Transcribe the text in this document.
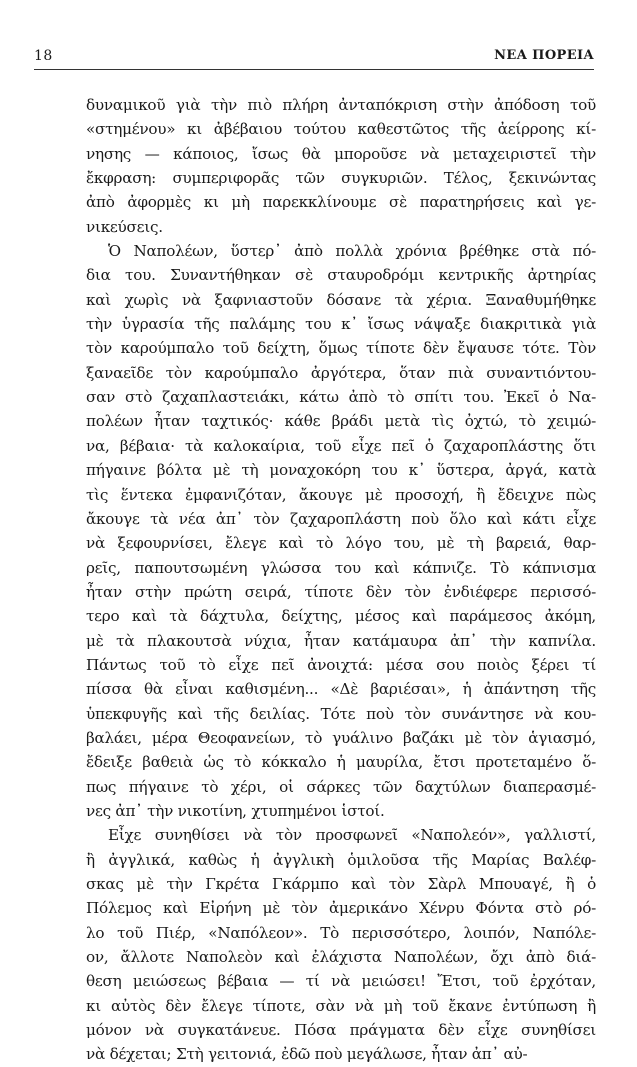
18	ΝΕΑ ΠΟΡΕΙΑ
δυναμικοῦ γιὰ τὴν πιὸ πλήρη ἀνταπόκριση στὴν ἀπόδοση τοῦ
«στημένου» κι ἀβέβαιου τούτου καθεστῶτος τῆς ἀείρροης κί-
νησης — κάποιος, ἴσως θὰ μποροῦσε νὰ μεταχειριστεῖ τὴν
ἔκφραση: συμπεριφορᾶς τῶν συγκυριῶν. Τέλος, ξεκινώντας
ἀπὸ ἀφορμὲς κι μὴ παρεκκλίνουμε σὲ παρατηρήσεις καὶ γε-
νικεύσεις.
Ὁ Ναπολέων, ὕστερ᾽ ἀπὸ πολλὰ χρόνια βρέθηκε στὰ πό-
δια του. Συναντήθηκαν σὲ σταυροδρόμι κεντρικῆς ἀρτηρίας
καὶ χωρὶς νὰ ξαφνιαστοῦν δόσανε τὰ χέρια. Ξαναθυμήθηκε
τὴν ὑγρασία τῆς παλάμης του κ᾽ ἴσως νάψαξε διακριτικὰ γιὰ
τὸν καρούμπαλο τοῦ δείχτη, ὅμως τίποτε δὲν ἔψαυσε τότε. Τὸν
ξαναεῖδε τὸν καρούμπαλο ἀργότερα, ὅταν πιὰ συναντιόντου-
σαν στὸ ζαχαπλαστειάκι, κάτω ἀπὸ τὸ σπίτι του. Ἐκεῖ ὁ Να-
πολέων ἦταν ταχτικός· κάθε βράδι μετὰ τὶς ὀχτώ, τὸ χειμώ-
να, βέβαια· τὰ καλοκαίρια, τοῦ εἶχε πεῖ ὁ ζαχαροπλάστης ὅτι
πήγαινε βόλτα μὲ τὴ μοναχοκόρη του κ᾽ ὕστερα, ἀργά, κατὰ
τὶς ἕντεκα ἐμφανιζόταν, ἄκουγε μὲ προσοχή, ἢ ἔδειχνε πὼς
ἄκουγε τὰ νέα ἀπ᾽ τὸν ζαχαροπλάστη ποὺ ὅλο καὶ κάτι εἶχε
νὰ ξεφουρνίσει, ἔλεγε καὶ τὸ λόγο του, μὲ τὴ βαρειά, θαρ-
ρεῖς, παπουτσωμένη γλώσσα του καὶ κάπνιζε. Τὸ κάπνισμα
ἦταν στὴν πρώτη σειρά, τίποτε δὲν τὸν ἐνδιέφερε περισσό-
τερο καὶ τὰ δάχτυλα, δείχτης, μέσος καὶ παράμεσος ἀκόμη,
μὲ τὰ πλακουτσὰ νύχια, ἦταν κατάμαυρα ἀπ᾽ τὴν καπνίλα.
Πάντως τοῦ τὸ εἶχε πεῖ ἀνοιχτά: μέσα σου ποιὸς ξέρει τί
πίσσα θὰ εἶναι καθισμένη... «Δὲ βαριέσαι», ἡ ἀπάντηση τῆς
ὑπεκφυγῆς καὶ τῆς δειλίας. Τότε ποὺ τὸν συνάντησε νὰ κου-
βαλάει, μέρα Θεοφανείων, τὸ γυάλινο βαζάκι μὲ τὸν ἁγιασμό,
ἔδειξε βαθειὰ ὡς τὸ κόκκαλο ἡ μαυρίλα, ἔτσι προτεταμένο ὅ-
πως πήγαινε τὸ χέρι, οἱ σάρκες τῶν δαχτύλων διαπερασμέ-
νες ἀπ᾽ τὴν νικοτίνη, χτυπημένοι ἱστοί.
Εἶχε συνηθίσει νὰ τὸν προσφωνεῖ «Ναπολεόν», γαλλιστί,
ἢ ἀγγλικά, καθὼς ἡ ἀγγλικὴ ὁμιλοῦσα τῆς Μαρίας Βαλέφ-
σκας μὲ τὴν Γκρέτα Γκάρμπο καὶ τὸν Σὰρλ Μπουαγέ, ἢ ὁ
Πόλεμος καὶ Εἰρήνη μὲ τὸν ἀμερικάνο Χένρυ Φόντα στὸ ρό-
λο τοῦ Πιέρ, «Ναπόλεον». Τὸ περισσότερο, λοιπόν, Ναπόλε-
ον, ἄλλοτε Ναπολεὸν καὶ ἐλάχιστα Ναπολέων, ὄχι ἀπὸ διά-
θεση μειώσεως βέβαια — τί νὰ μειώσει! Ἔτσι, τοῦ ἐρχόταν,
κι αὐτὸς δὲν ἔλεγε τίποτε, σὰν νὰ μὴ τοῦ ἔκανε ἐντύπωση ἢ
μόνον νὰ συγκατάνευε. Πόσα πράγματα δὲν εἶχε συνηθίσει
νὰ δέχεται; Στὴ γειτονιά, ἐδῶ ποὺ μεγάλωσε, ἦταν ἀπ᾽ αὐ-
